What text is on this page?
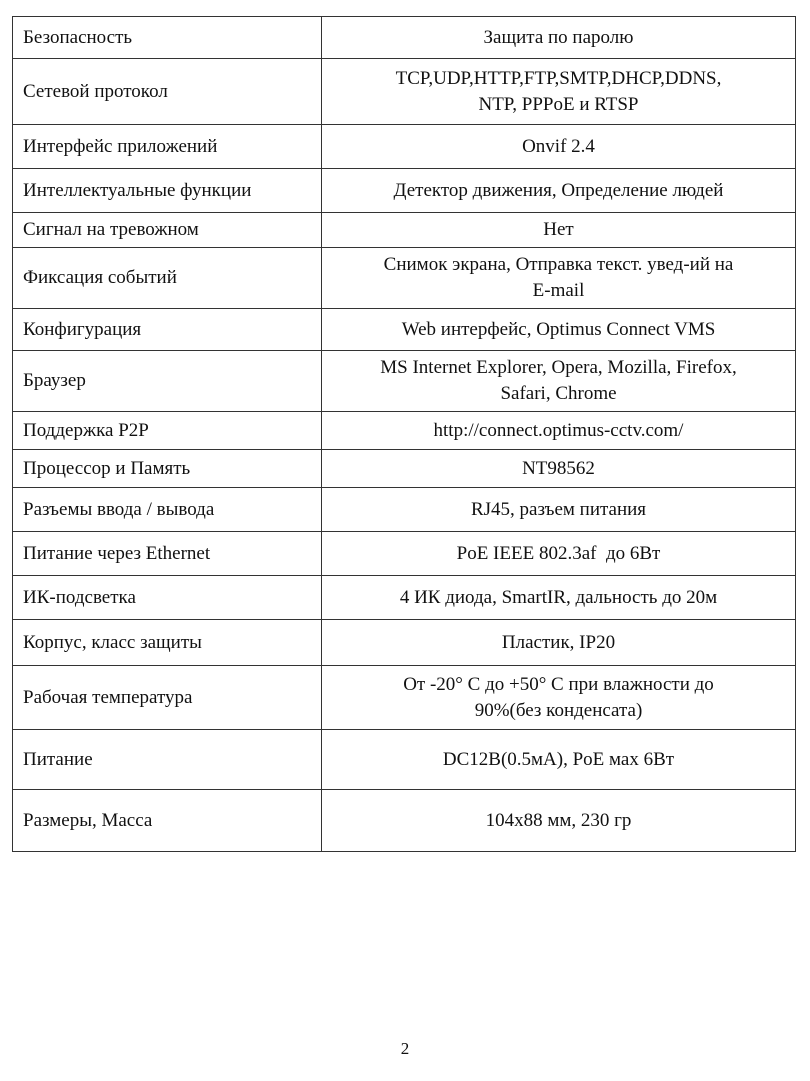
Безопасность	Защита по паролю
Сетевой протокол	TCP,UDP,HTTP,FTP,SMTP,DHCP,DDNS,
NTP, PPPoE и RTSP

Интерфейс приложений	Onvif 2.4
Интеллектуальные функции	Детектор движения, Определение людей
Сигнал на тревожном	Нет
Фиксация событий	Снимок экрана, Отправка текст. увед-ий на
E-mail

Конфигурация	Web интерфейс, Optimus Connect VMS
Браузер	MS Internet Explorer, Opera, Mozilla, Firefox,
Safari, Chrome

Поддержка P2P	http://connect.optimus-cctv.com/
Процессор и Память	NT98562
Разъемы ввода / вывода	RJ45, разъем питания
Питание через Ethernet	PoE IEEE 802.3af  до 6Вт
ИК-подсветка	4 ИК диода, SmartIR, дальность до 20м
Корпус, класс защиты	Пластик, IP20
Рабочая температура	От -20° С до +50° С при влажности до
90%(без конденсата)

Питание	DC12В(0.5мА), PoE мах 6Вт
Размеры, Масса	104x88 мм, 230 гр
2
